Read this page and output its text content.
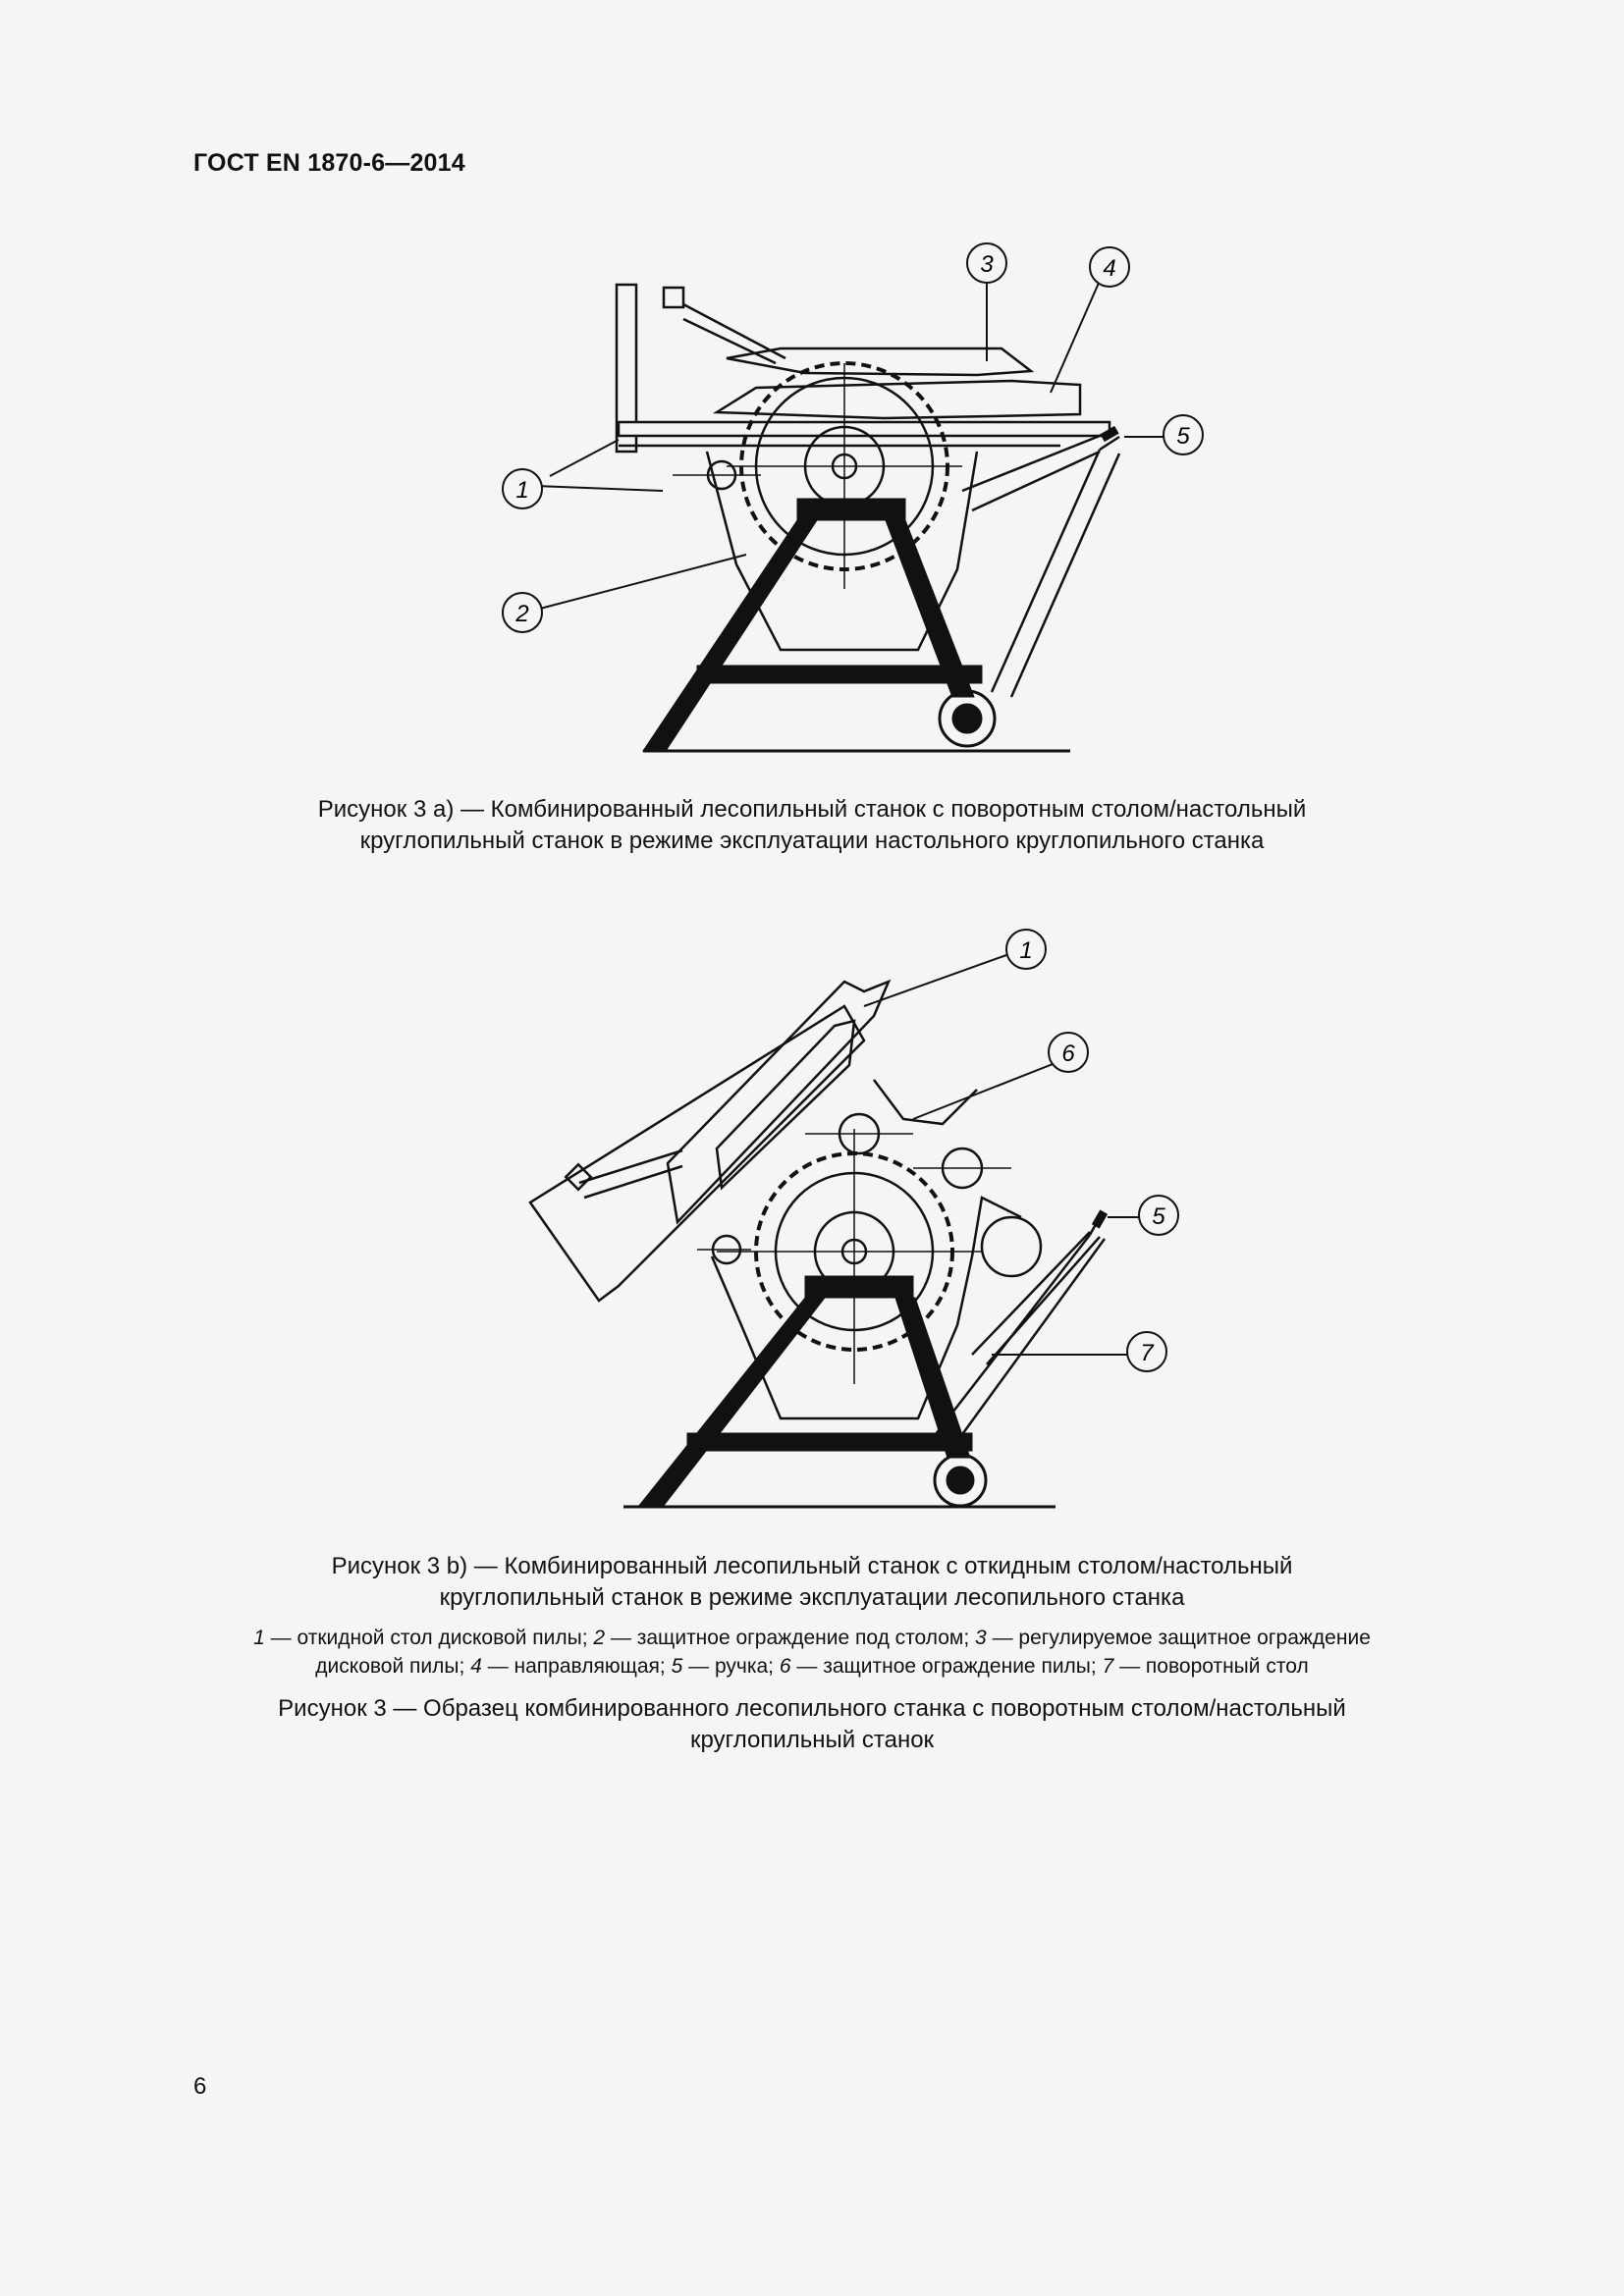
ГОСТ EN 1870-6—2014
1
2
3	4
5
Рисунок 3 a) — Комбинированный лесопильный станок с поворотным столом/настольный
круглопильный станок в режиме эксплуатации настольного круглопильного станка
1
6
5
7
Рисунок 3 b) — Комбинированный лесопильный станок с откидным столом/настольный
круглопильный станок в режиме эксплуатации лесопильного станка
1 — откидной стол дисковой пилы; 2 — защитное ограждение под столом; 3 — регулируемое защитное ограждение
дисковой пилы; 4 — направляющая; 5 — ручка; 6 — защитное ограждение пилы; 7 — поворотный стол
Рисунок 3 — Образец комбинированного лесопильного станка с поворотным столом/настольный
круглопильный станок
6
